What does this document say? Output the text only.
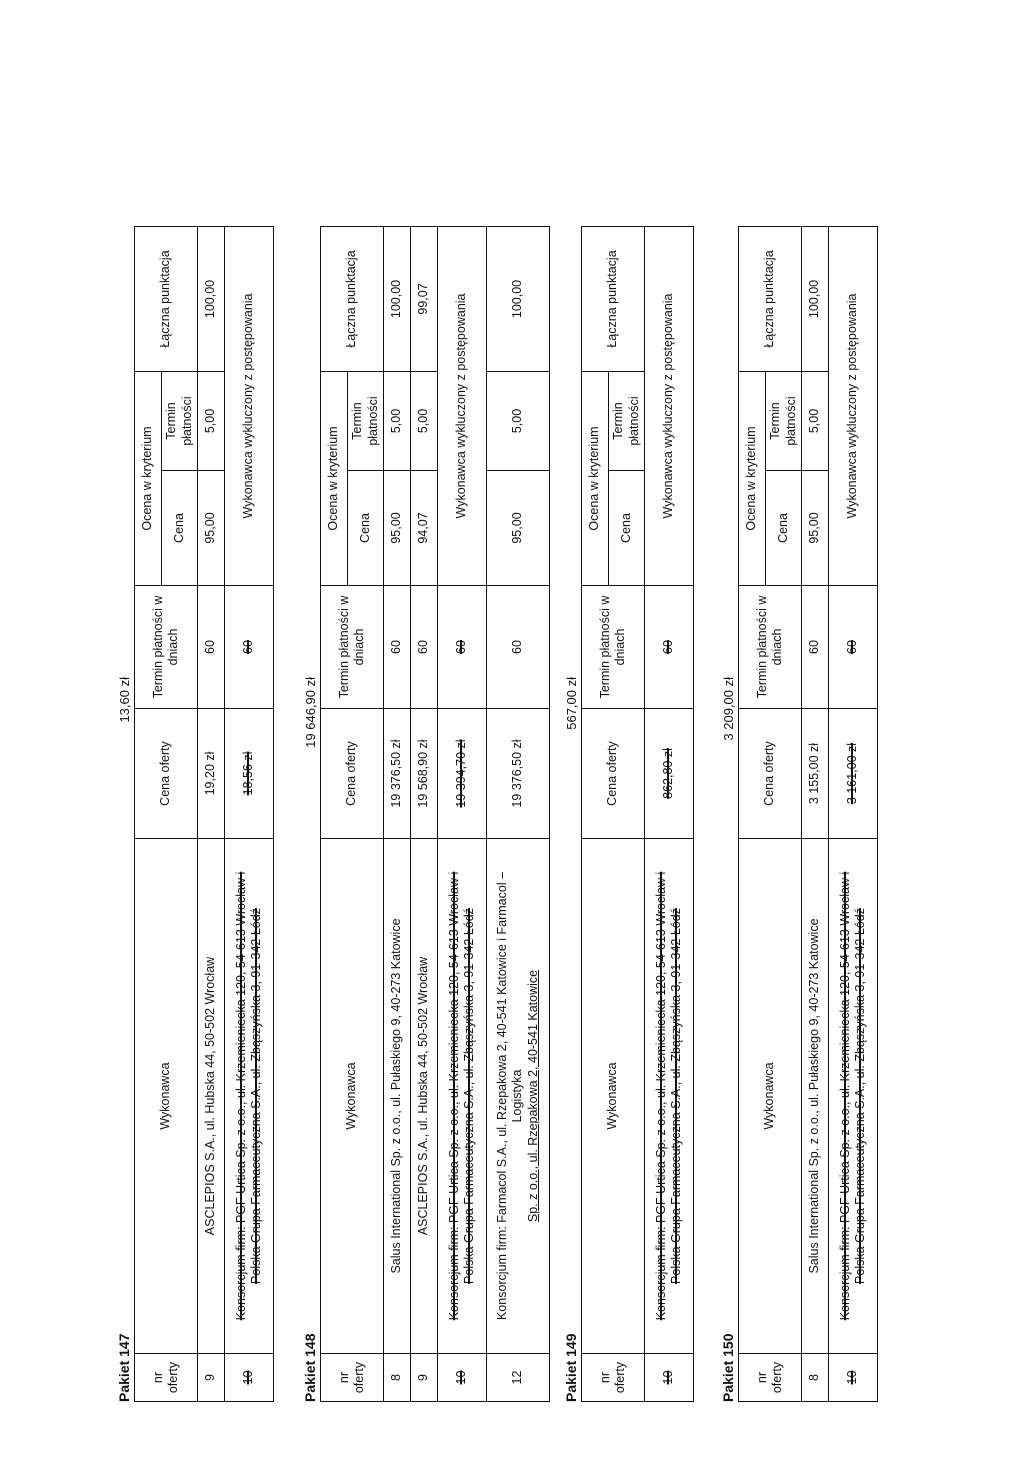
Pakiet 147
13,60 zł
nr oferty	Wykonawca	Cena oferty	Termin płatności w dniach	Ocena w kryterium		Łączna punktacja
				Cena	Termin płatności	
9	ASCLEPIOS S.A., ul. Hubska 44, 50-502 Wrocław	19,20 zł	60	95,00	5,00	100,00
10	Konsorcjum firm: PGF Urtica Sp. z o.o., ul. Krzemieniecka 120, 54-613 Wrocław i Polska Grupa Farmaceutyczna S.A., ul. Zbąszyńska 3, 91-342 Łódź	18,56 zł	60	Wykonawca wykluczony z postępowania		
Pakiet 148
19 646,90 zł
nr oferty	Wykonawca	Cena oferty	Termin płatności w dniach	Ocena w kryterium		Łączna punktacja
				Cena	Termin płatności	
8	Salus International Sp. z o.o., ul. Pułaskiego 9, 40-273 Katowice	19 376,50 zł	60	95,00	5,00	100,00
9	ASCLEPIOS S.A., ul. Hubska 44, 50-502 Wrocław	19 568,90 zł	60	94,07	5,00	99,07
10	Konsorcjum firm: PGF Urtica Sp. z o.o., ul. Krzemieniecka 120, 54-613 Wrocław i Polska Grupa Farmaceutyczna S.A., ul. Zbąszyńska 3, 91-342 Łódź	19 394,70 zł	60	Wykonawca wykluczony z postępowania		
12	Konsorcjum firm: Farmacol S.A., ul. Rzepakowa 2, 40-541 Katowice i Farmacol – Logistyka Sp. z o.o., ul. Rzepakowa 2, 40-541 Katowice	19 376,50 zł	60	95,00	5,00	100,00
Pakiet 149
567,00 zł
nr oferty	Wykonawca	Cena oferty	Termin płatności w dniach	Ocena w kryterium		Łączna punktacja
				Cena	Termin płatności	
10	Konsorcjum firm: PGF Urtica Sp. z o.o., ul. Krzemieniecka 120, 54-613 Wrocław i Polska Grupa Farmaceutyczna S.A., ul. Zbąszyńska 3, 91-342 Łódź	862,80 zł	60	Wykonawca wykluczony z postępowania		
Pakiet 150
3 209,00 zł
nr oferty	Wykonawca	Cena oferty	Termin płatności w dniach	Ocena w kryterium		Łączna punktacja
				Cena	Termin płatności	
8	Salus International Sp. z o.o., ul. Pułaskiego 9, 40-273 Katowice	3 155,00 zł	60	95,00	5,00	100,00
10	Konsorcjum firm: PGF Urtica Sp. z o.o., ul. Krzemieniecka 120, 54-613 Wrocław i Polska Grupa Farmaceutyczna S.A., ul. Zbąszyńska 3, 91-342 Łódź	3 161,00 zł	60	Wykonawca wykluczony z postępowania		
